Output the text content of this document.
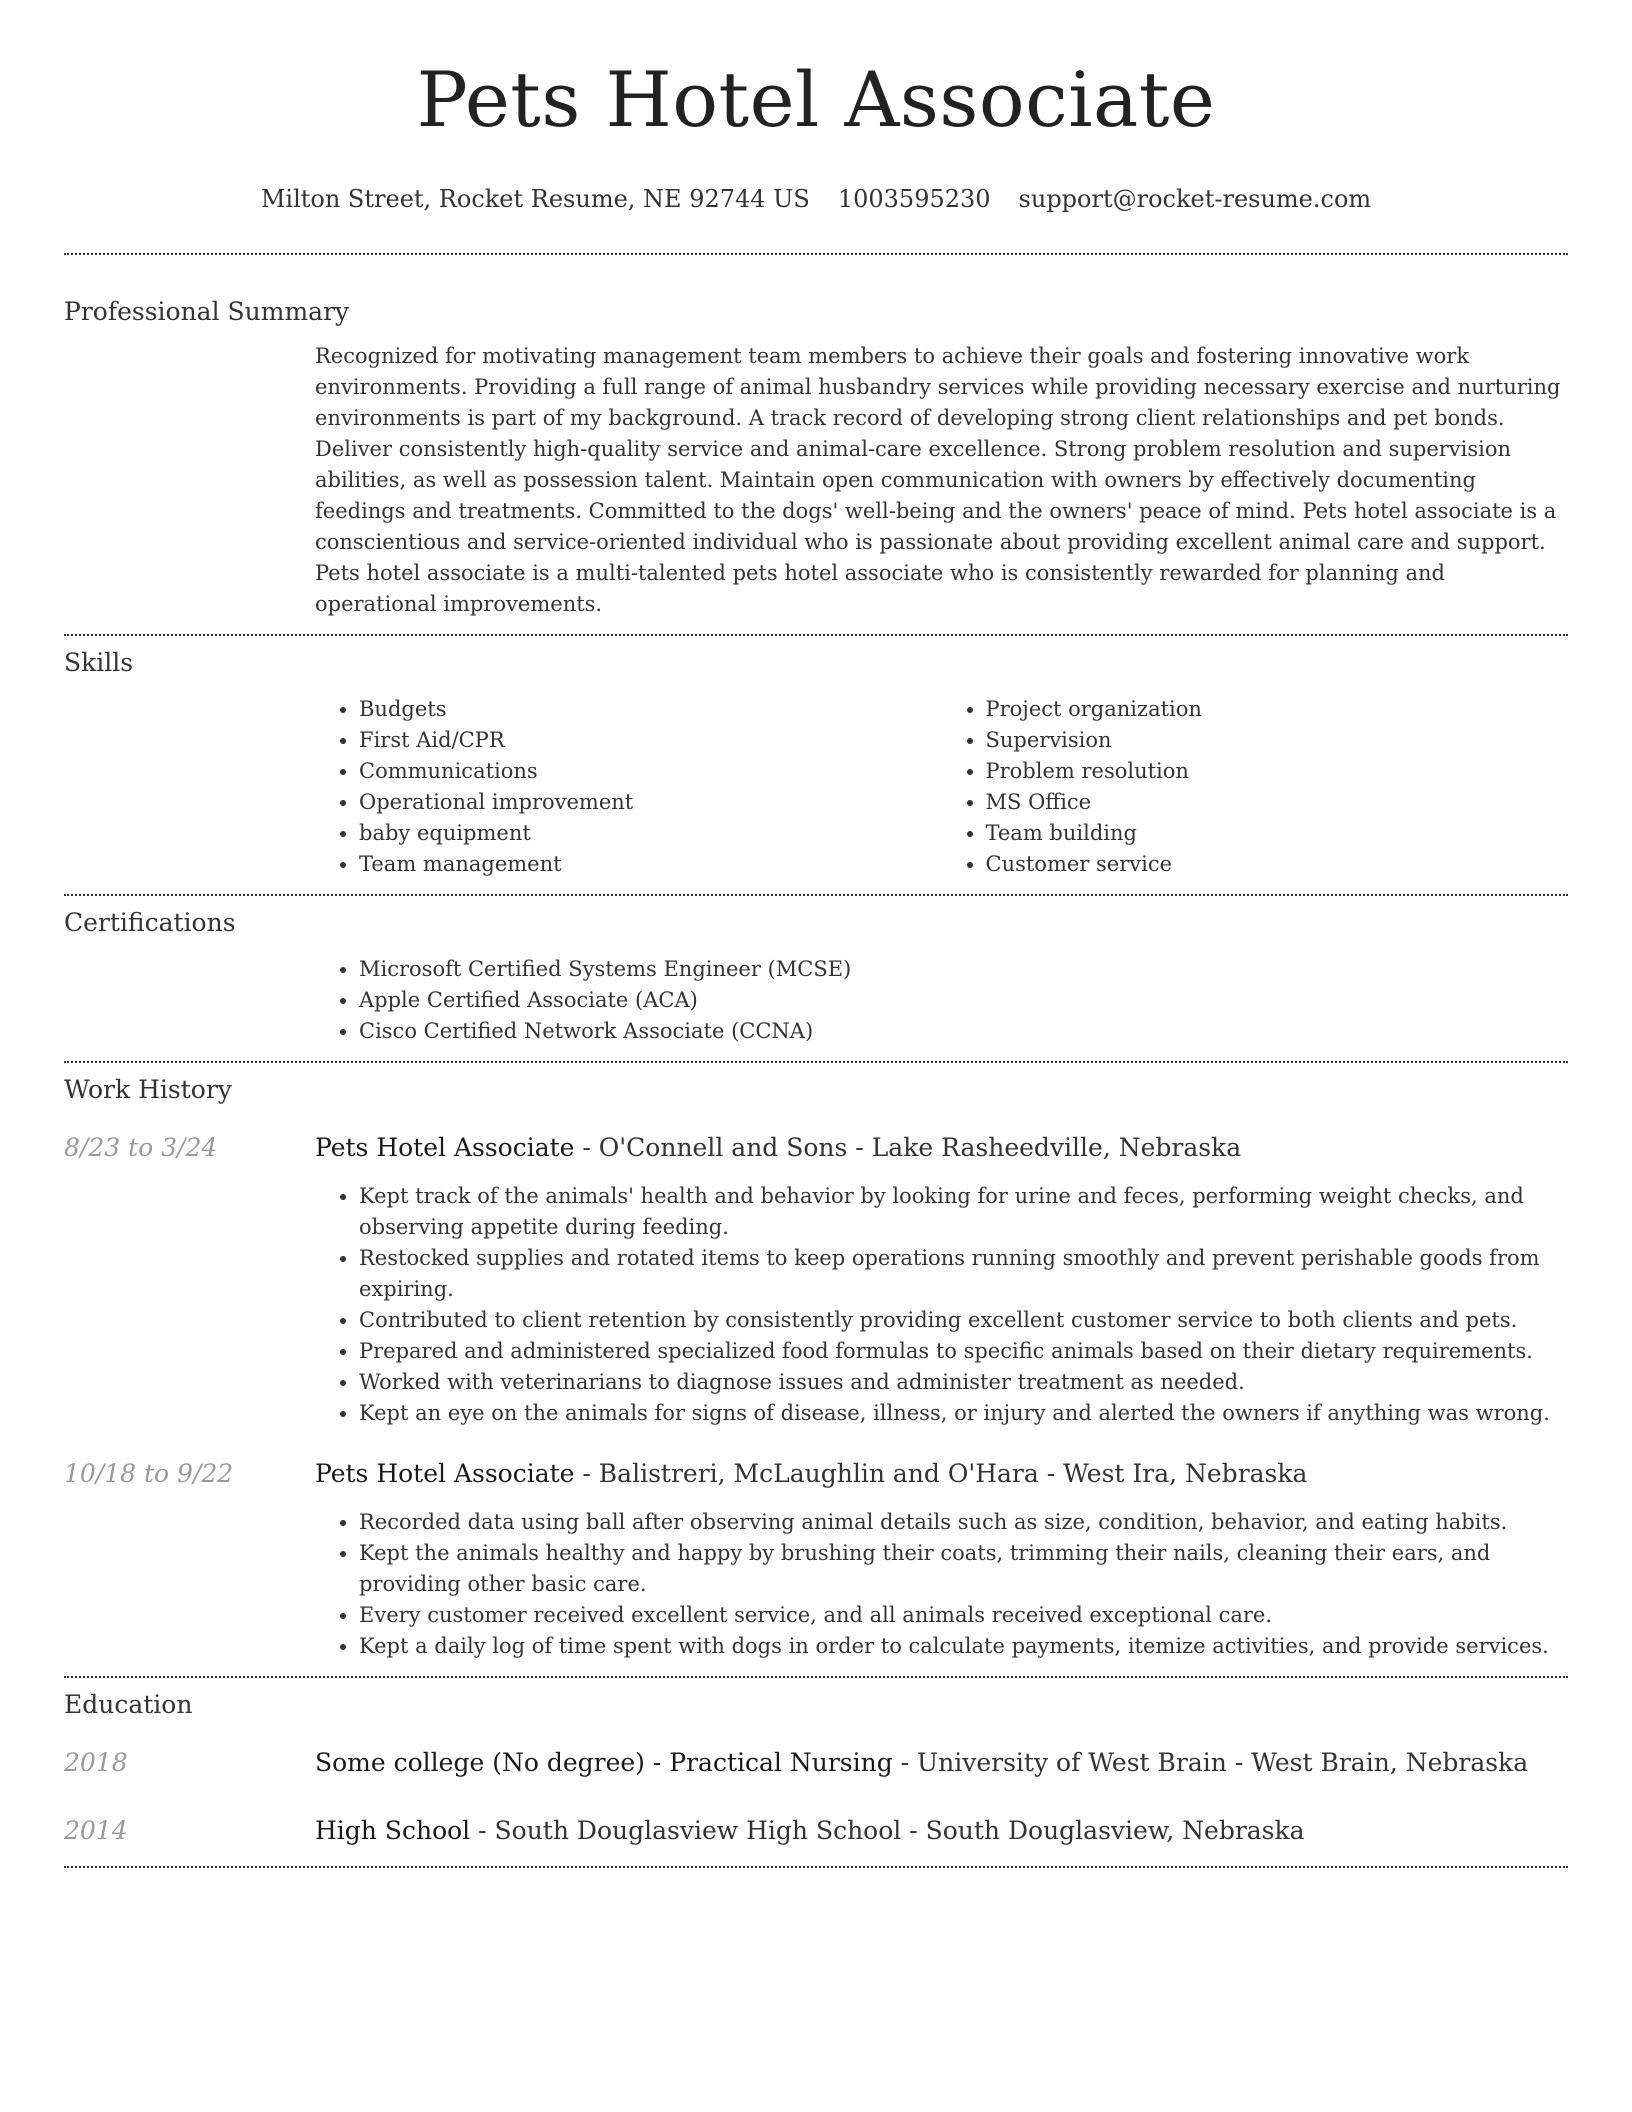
Pets Hotel Associate
Milton Street, Rocket Resume, NE 92744 US 1003595230 support@rocket-resume.com
Professional Summary

Recognized for motivating management team members to achieve their goals and fostering innovative work environments. Providing a full range of animal husbandry services while providing necessary exercise and nurturing environments is part of my background. A track record of developing strong client relationships and pet bonds. Deliver consistently high-quality service and animal-care excellence. Strong problem resolution and supervision abilities, as well as possession talent. Maintain open communication with owners by effectively documenting feedings and treatments. Committed to the dogs' well-being and the owners' peace of mind. Pets hotel associate is a conscientious and service-oriented individual who is passionate about providing excellent animal care and support. Pets hotel associate is a multi-talented pets hotel associate who is consistently rewarded for planning and operational improvements.

Skills
• Budgets
• First Aid/CPR
• Communications
• Operational improvement
• baby equipment
• Team management
• Project organization
• Supervision
• Problem resolution
• MS Office
• Team building
• Customer service
Certifications
• Microsoft Certified Systems Engineer (MCSE)
• Apple Certified Associate (ACA)
• Cisco Certified Network Associate (CCNA)
Work History
8/23 to 3/24	Pets Hotel Associate - O'Connell and Sons - Lake Rasheedville, Nebraska
• Kept track of the animals' health and behavior by looking for urine and feces, performing weight checks, and observing appetite during feeding.
• Restocked supplies and rotated items to keep operations running smoothly and prevent perishable goods from expiring.
• Contributed to client retention by consistently providing excellent customer service to both clients and pets.
• Prepared and administered specialized food formulas to specific animals based on their dietary requirements.
• Worked with veterinarians to diagnose issues and administer treatment as needed.
• Kept an eye on the animals for signs of disease, illness, or injury and alerted the owners if anything was wrong.
10/18 to 9/22	Pets Hotel Associate - Balistreri, McLaughlin and O'Hara - West Ira, Nebraska
• Recorded data using ball after observing animal details such as size, condition, behavior, and eating habits.
• Kept the animals healthy and happy by brushing their coats, trimming their nails, cleaning their ears, and providing other basic care.
• Every customer received excellent service, and all animals received exceptional care.
• Kept a daily log of time spent with dogs in order to calculate payments, itemize activities, and provide services.
Education
2018	Some college (No degree) - Practical Nursing - University of West Brain - West Brain, Nebraska
2014	High School - South Douglasview High School - South Douglasview, Nebraska
